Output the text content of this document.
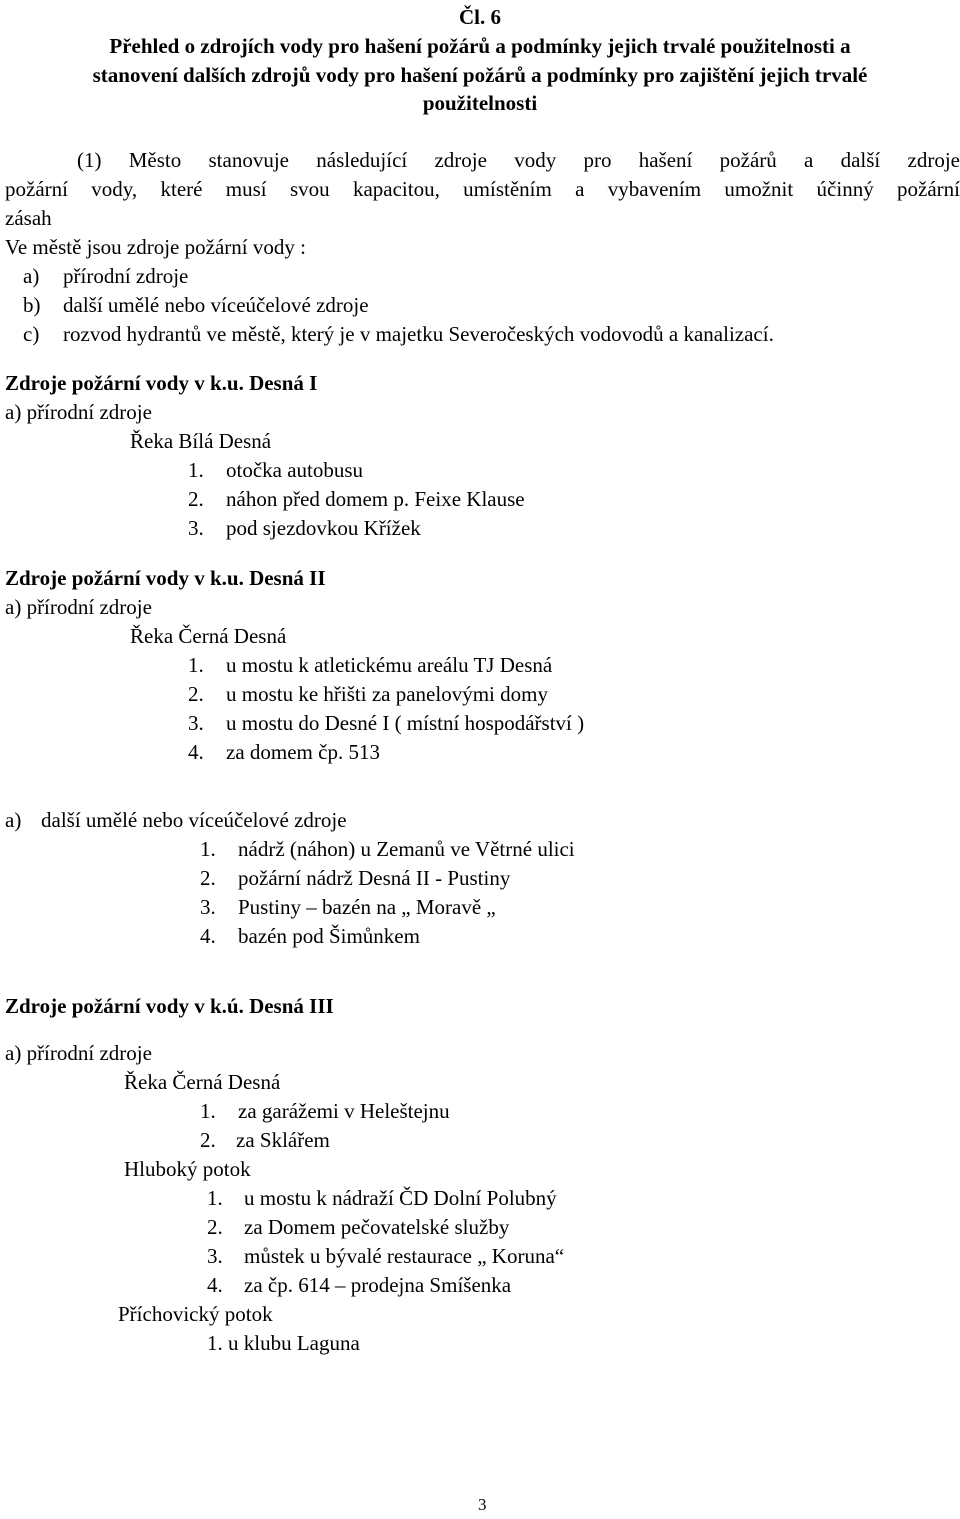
Čl. 6
Přehled o zdrojích vody pro hašení požárů a podmínky jejich trvalé použitelnosti a
stanovení dalších zdrojů vody pro hašení požárů a podmínky pro zajištění jejich trvalé
použitelnosti
(1) Město stanovuje následující zdroje vody pro hašení požárů a další zdroje
požární vody, které musí svou kapacitou, umístěním a vybavením umožnit účinný požární
zásah
Ve městě jsou zdroje požární vody :
a) přírodní zdroje
b) další umělé nebo víceúčelové zdroje
c) rozvod hydrantů ve městě, který je v majetku Severočeských vodovodů a kanalizací.
Zdroje požární vody v k.u. Desná I
a) přírodní zdroje
Řeka Bílá Desná
1. otočka autobusu
2. náhon před domem p. Feixe Klause
3. pod sjezdovkou Křížek
Zdroje požární vody v k.u. Desná II
a) přírodní zdroje
Řeka Černá Desná
1. u mostu k atletickému areálu TJ Desná
2. u mostu ke hřišti za panelovými domy
3. u mostu do Desné I ( místní hospodářství )
4. za domem čp. 513
a) další umělé nebo víceúčelové zdroje
1. nádrž (náhon) u Zemanů ve Větrné ulici
2. požární nádrž Desná II - Pustiny
3. Pustiny – bazén na „ Moravě „
4. bazén pod Šimůnkem
Zdroje požární vody v k.ú. Desná III
a) přírodní zdroje
Řeka Černá Desná
1. za garážemi v Heleštejnu
2. za Sklářem
Hluboký potok
1. u mostu k nádraží ČD Dolní Polubný
2. za Domem pečovatelské služby
3. můstek u bývalé restaurace „ Koruna“
4. za čp. 614 – prodejna Smíšenka
Příchovický potok
1. u klubu Laguna
3
